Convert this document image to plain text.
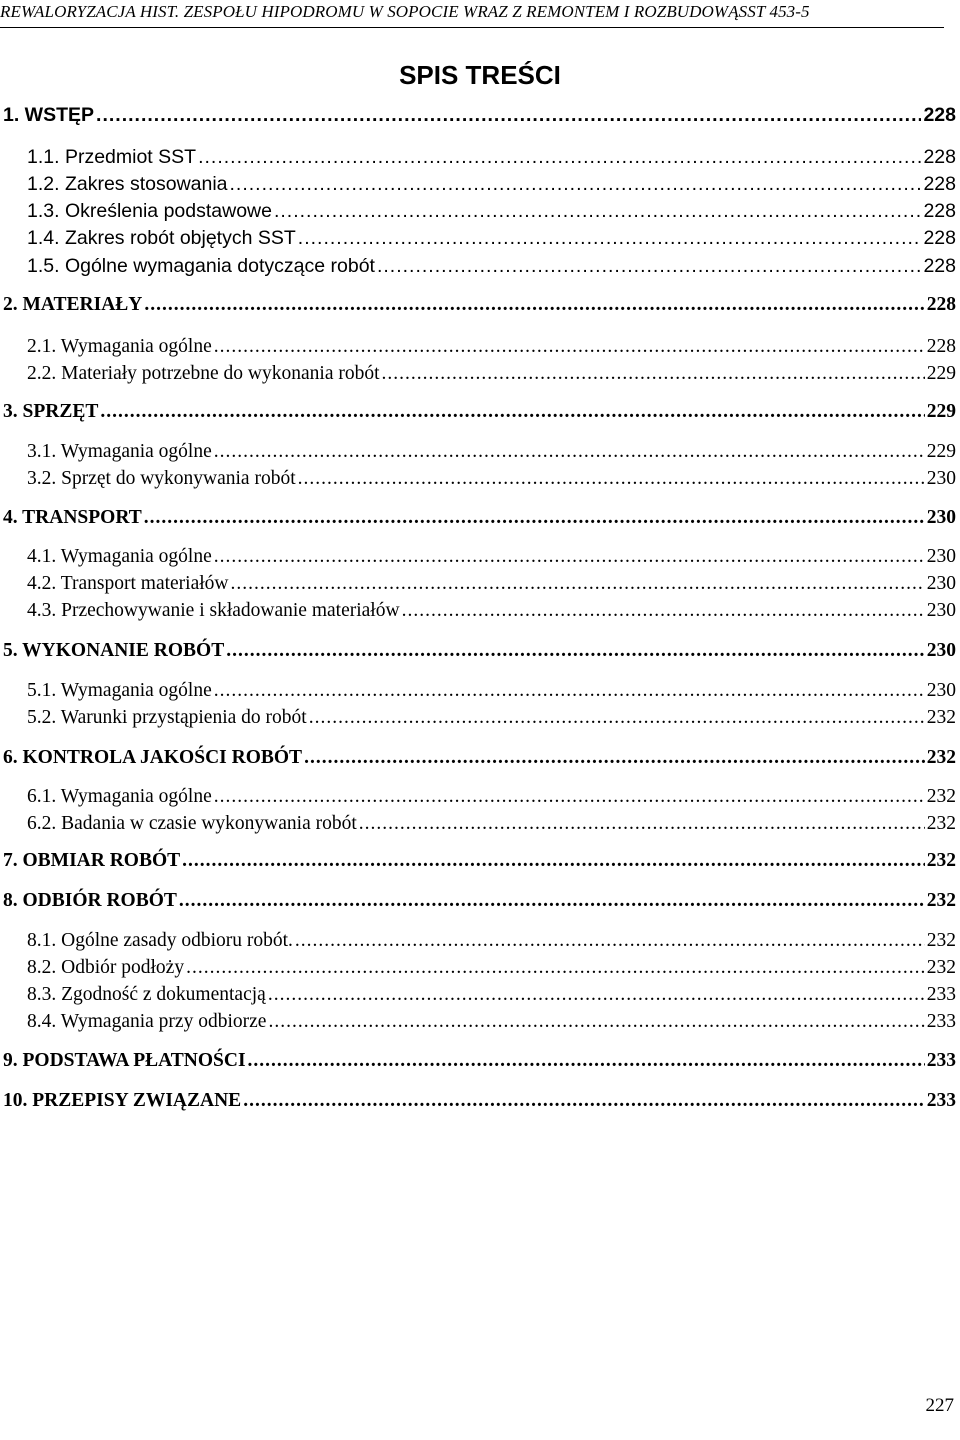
REWALORYZACJA HIST. ZESPOŁU HIPODROMU W SOPOCIE WRAZ Z REMONTEM I ROZBUDOWĄSST 453-5
SPIS TREŚCI
1. WSTĘP .....	228
1.1. Przedmiot SST .....	228
1.2. Zakres stosowania .....	228
1.3. Określenia podstawowe .....	228
1.4. Zakres robót objętych SST .....	228
1.5. Ogólne wymagania dotyczące robót .....	228
2. MATERIAŁY .....	228
2.1. Wymagania ogólne .....	228
2.2. Materiały potrzebne do wykonania robót .....	229
3. SPRZĘT .....	229
3.1. Wymagania ogólne .....	229
3.2. Sprzęt do wykonywania robót .....	230
4. TRANSPORT .....	230
4.1. Wymagania ogólne .....	230
4.2. Transport materiałów .....	230
4.3. Przechowywanie i składowanie materiałów .....	230
5. WYKONANIE ROBÓT .....	230
5.1. Wymagania ogólne .....	230
5.2. Warunki przystąpienia do robót .....	232
6. KONTROLA JAKOŚCI ROBÓT .....	232
6.1. Wymagania ogólne .....	232
6.2. Badania w czasie wykonywania robót .....	232
7. OBMIAR ROBÓT .....	232
8. ODBIÓR ROBÓT .....	232
8.1. Ogólne zasady odbioru robót. .....	232
8.2. Odbiór podłoży .....	232
8.3. Zgodność z dokumentacją .....	233
8.4. Wymagania przy odbiorze .....	233
9. PODSTAWA PŁATNOŚCI .....	233
10. PRZEPISY ZWIĄZANE .....	233
227
